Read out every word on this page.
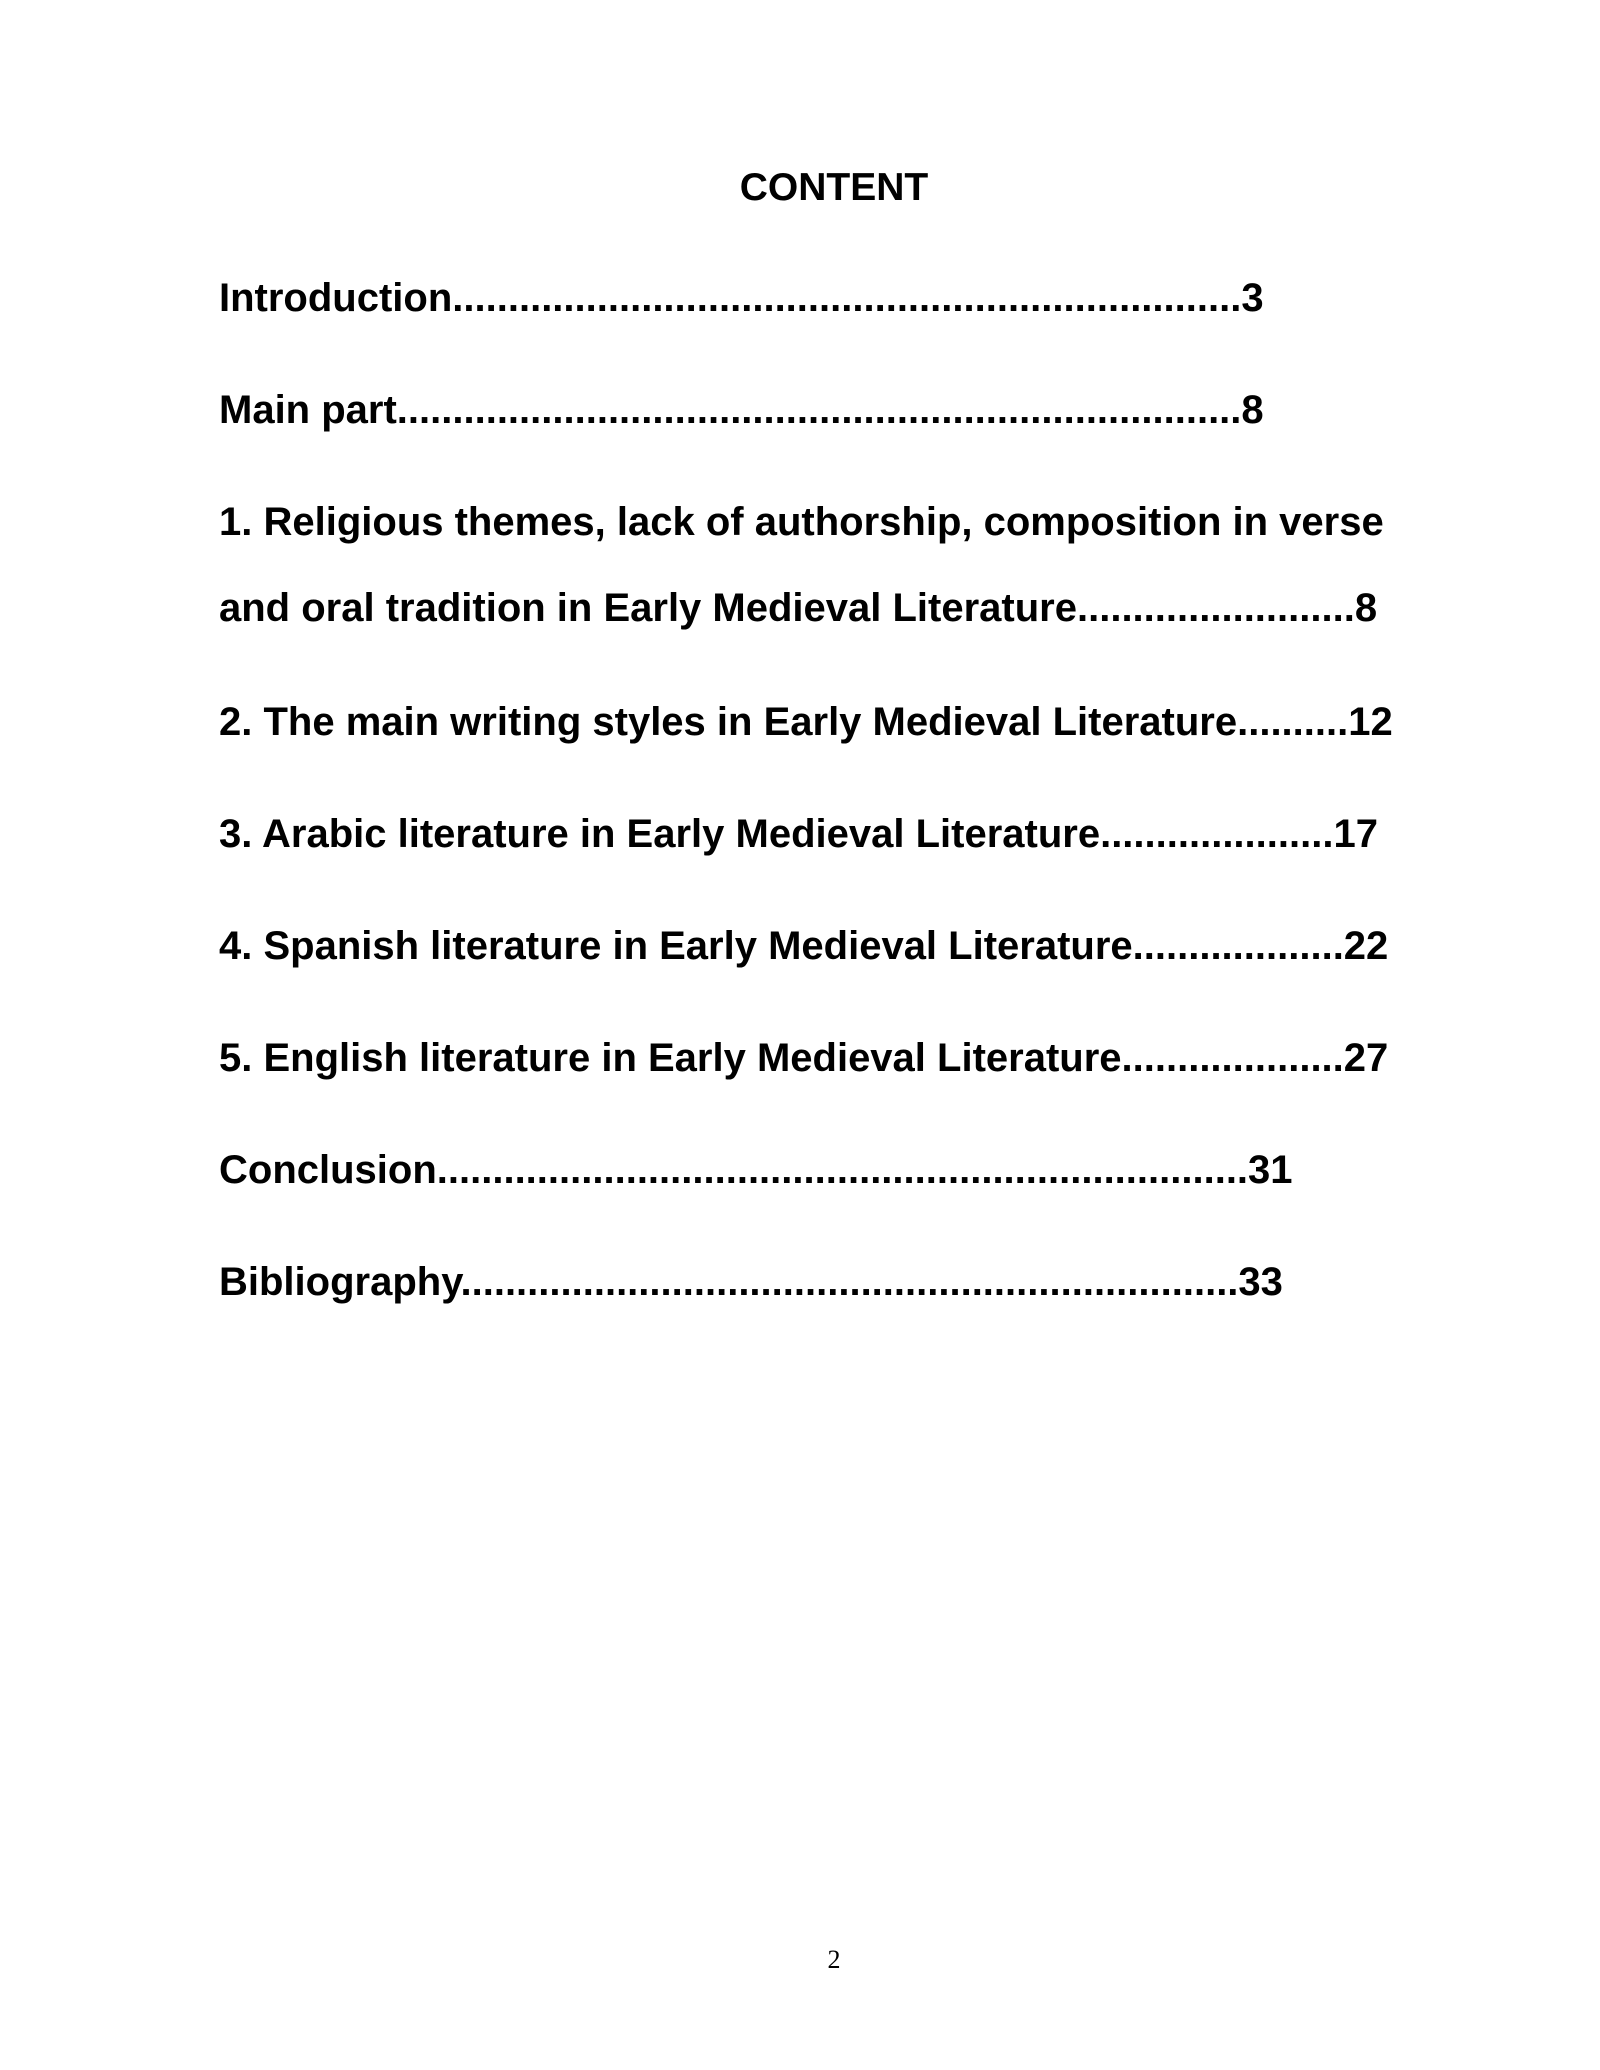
CONTENT
Introduction.......................................................................3
Main part............................................................................8
1. Religious themes, lack of authorship, composition in verse
and oral tradition in Early Medieval Literature.........................8
2. The main writing styles in Early Medieval Literature..........12
3. Arabic literature in Early Medieval Literature.....................17
4. Spanish literature in Early Medieval Literature...................22
5. English literature in Early Medieval Literature....................27
Conclusion.........................................................................31
Bibliography......................................................................33
2
